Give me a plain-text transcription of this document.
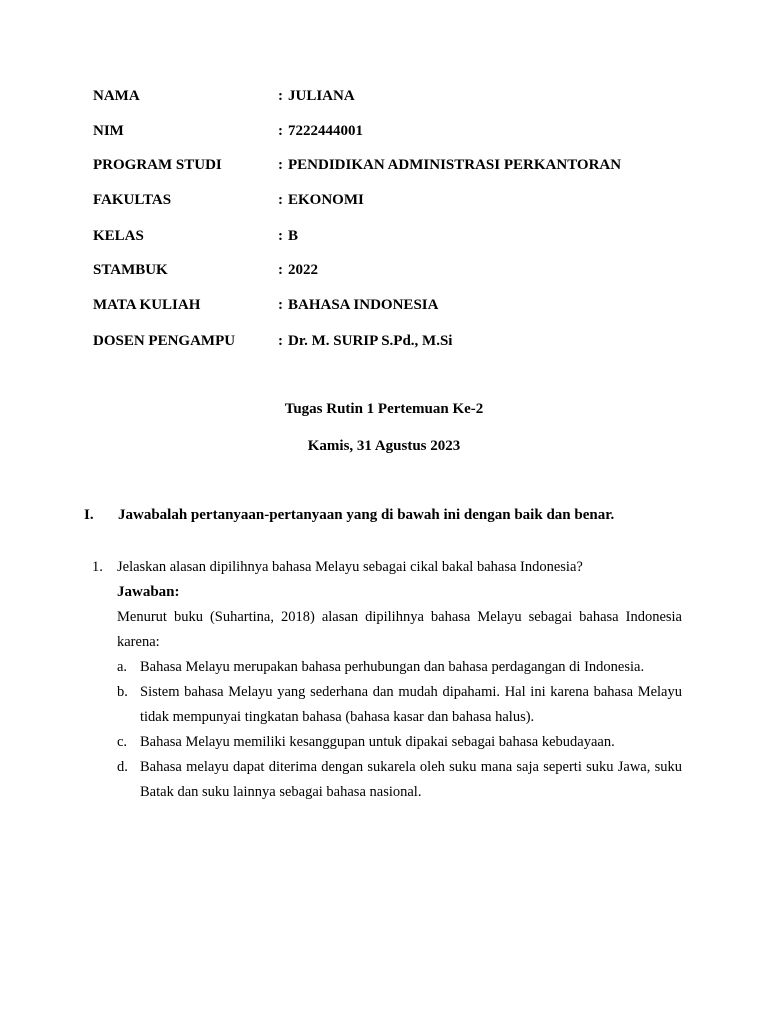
NAMA	: JULIANA
NIM	: 7222444001
PROGRAM STUDI	: PENDIDIKAN ADMINISTRASI PERKANTORAN
FAKULTAS	: EKONOMI
KELAS	: B
STAMBUK	: 2022
MATA KULIAH	: BAHASA INDONESIA
DOSEN PENGAMPU	: Dr. M. SURIP S.Pd., M.Si
Tugas Rutin 1 Pertemuan Ke-2
Kamis, 31 Agustus 2023
I. Jawabalah pertanyaan-pertanyaan yang di bawah ini dengan baik dan benar.
1. Jelaskan alasan dipilihnya bahasa Melayu sebagai cikal bakal bahasa Indonesia?
Jawaban:
Menurut buku (Suhartina, 2018) alasan dipilihnya bahasa Melayu sebagai bahasa Indonesia karena:
a. Bahasa Melayu merupakan bahasa perhubungan dan bahasa perdagangan di Indonesia.
b. Sistem bahasa Melayu yang sederhana dan mudah dipahami. Hal ini karena bahasa Melayu tidak mempunyai tingkatan bahasa (bahasa kasar dan bahasa halus).
c. Bahasa Melayu memiliki kesanggupan untuk dipakai sebagai bahasa kebudayaan.
d. Bahasa melayu dapat diterima dengan sukarela oleh suku mana saja seperti suku Jawa, suku Batak dan suku lainnya sebagai bahasa nasional.
